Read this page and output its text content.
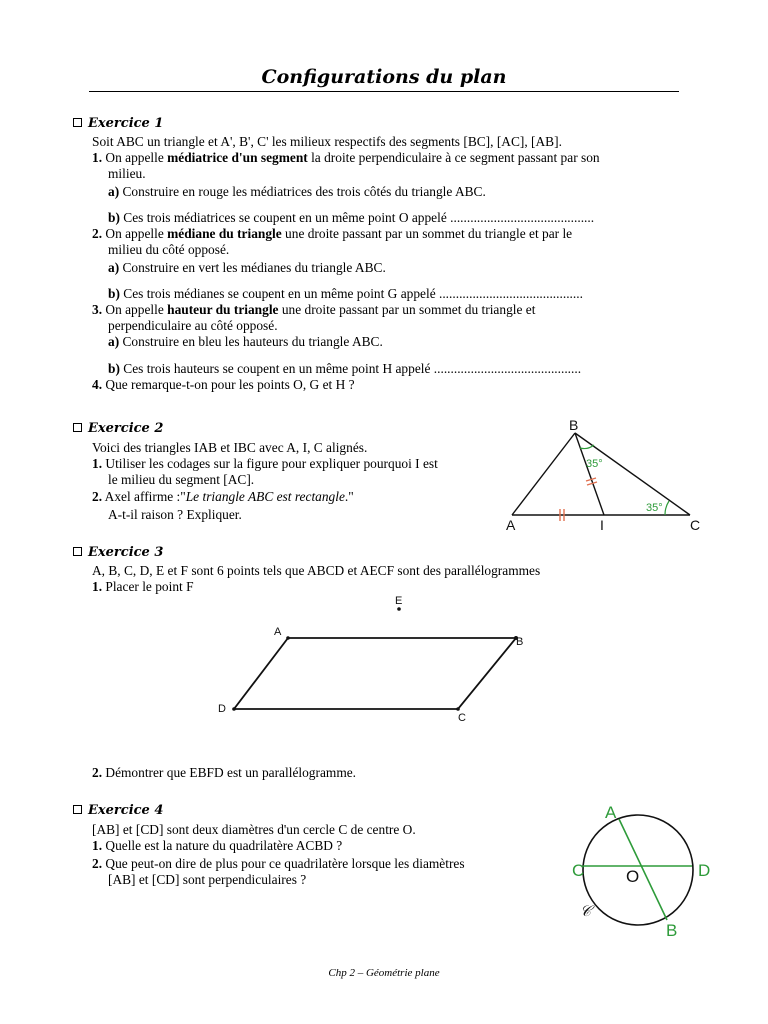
Configurations du plan
Exercice 1
Soit ABC un triangle et A', B', C' les milieux respectifs des segments [BC], [AC], [AB].
1. On appelle médiatrice d'un segment la droite perpendiculaire à ce segment passant par son
milieu.
a) Construire en rouge les médiatrices des trois côtés du triangle ABC.
b) Ces trois médiatrices se coupent en un même point O appelé ...........................................
2. On appelle médiane du triangle une droite passant par un sommet du triangle et par le
milieu du côté opposé.
a) Construire en vert les médianes du triangle ABC.
b) Ces trois médianes se coupent en un même point G appelé ...........................................
3. On appelle hauteur du triangle une droite passant par un sommet du triangle et
perpendiculaire au côté opposé.
a) Construire en bleu les hauteurs du triangle ABC.
b) Ces trois hauteurs se coupent en un même point H appelé ............................................
4. Que remarque-t-on pour les points O, G et H ?
Exercice 2
Voici des triangles IAB et IBC avec A, I, C alignés.
1. Utiliser les codages sur la figure pour expliquer pourquoi I est
le milieu du segment [AC].
2. Axel affirme :"Le triangle ABC est rectangle."
A-t-il raison ? Expliquer.
35°
35°
B
A	I	C
Exercice 3
A, B, C, D, E et F sont 6 points tels que ABCD et AECF sont des parallélogrammes
1. Placer le point F
E
A
B
C
D
2. Démontrer que EBFD est un parallélogramme.
Exercice 4
[AB] et [CD] sont deux diamètres d'un cercle C de centre O.
1. Quelle est la nature du quadrilatère ACBD ?
2. Que peut-on dire de plus pour ce quadrilatère lorsque les diamètres
[AB] et [CD] sont perpendiculaires ?
A
B
C	D
O
𝒞
Chp 2 – Géométrie plane
